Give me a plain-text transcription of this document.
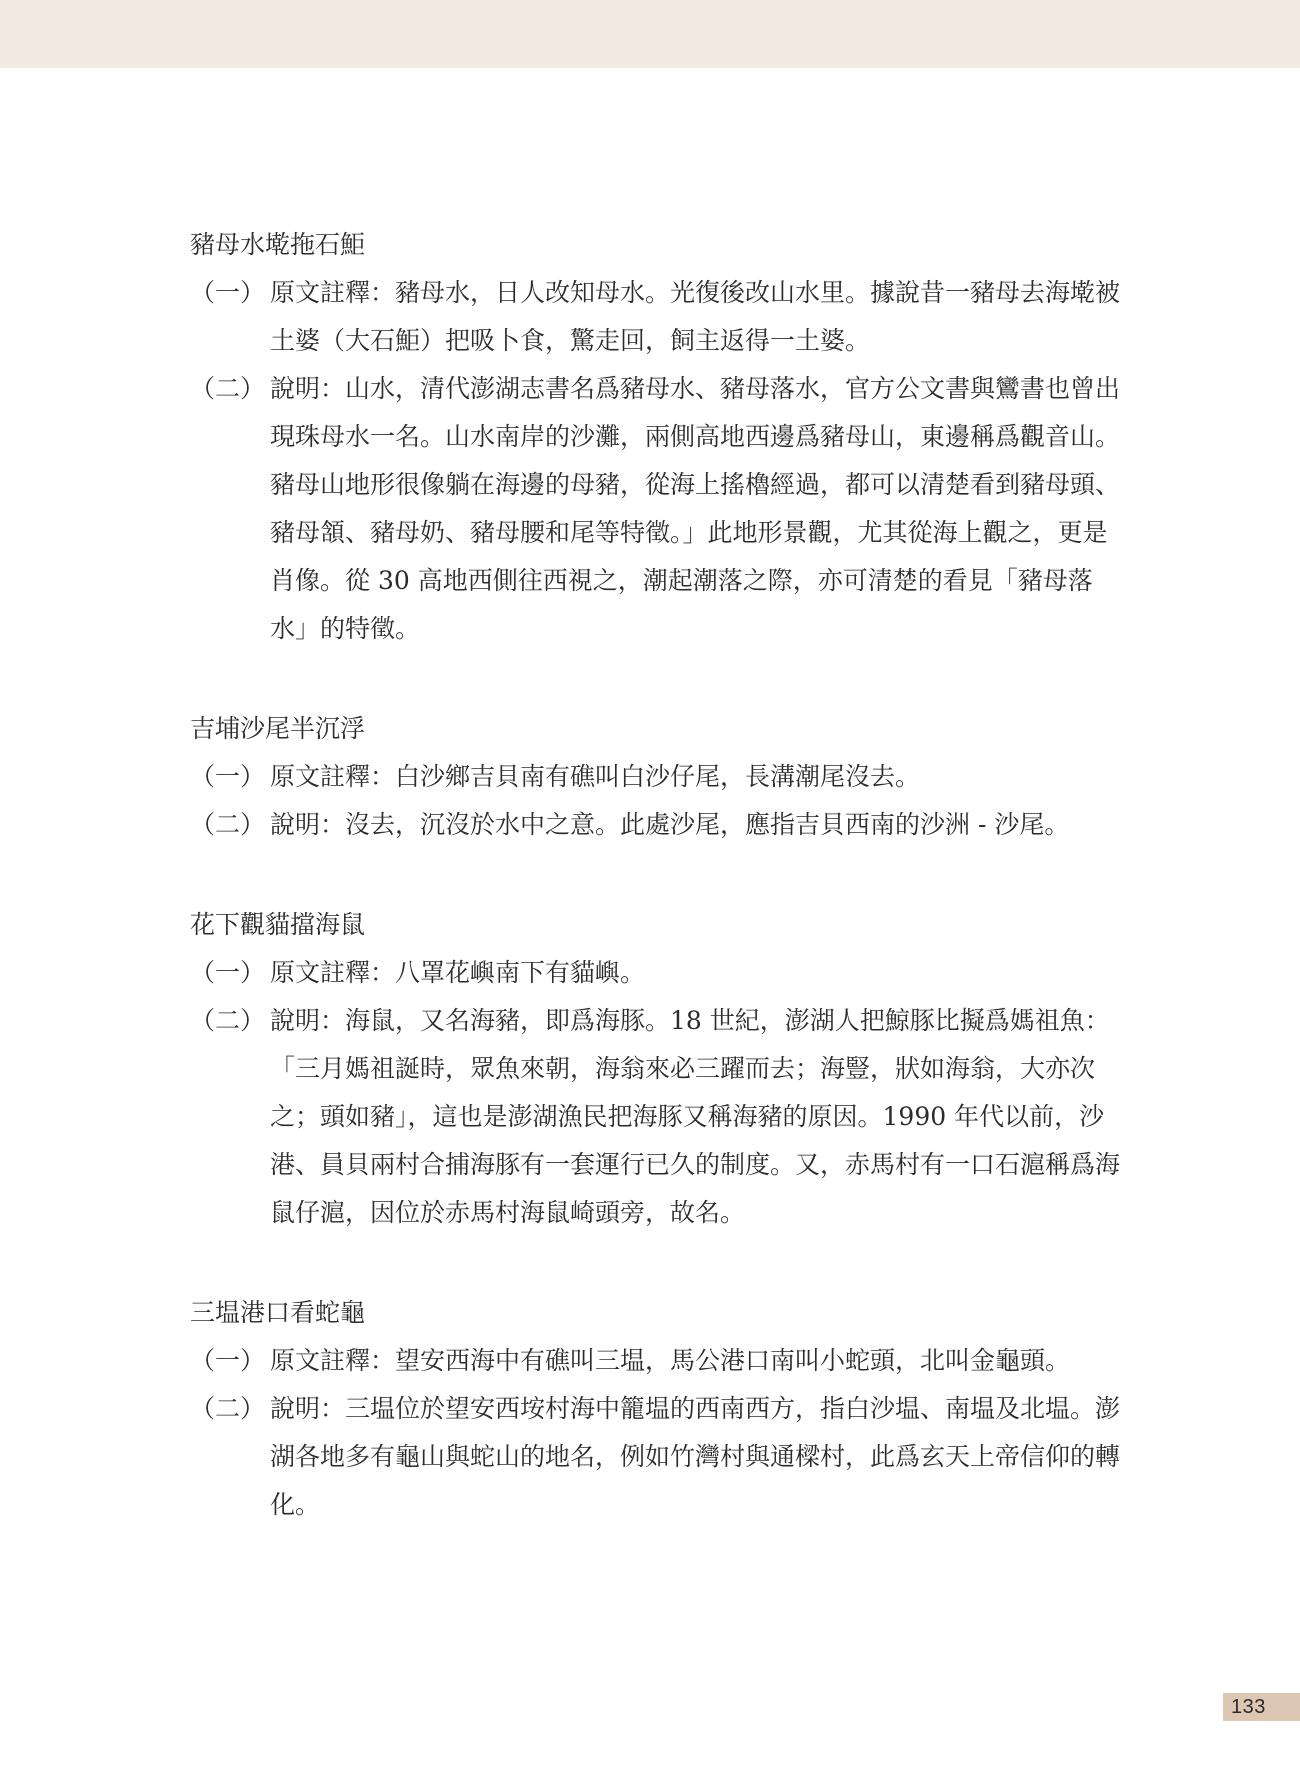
豬母水墘拖石鮔
（一） 原文註釋：豬母水，日人改知母水。光復後改山水里。據說昔一豬母去海墘被土婆（大石鮔）把吸卜食，驚走回，飼主返得一土婆。
（二） 說明：山水，清代澎湖志書名爲豬母水、豬母落水，官方公文書與鸞書也曾出現珠母水一名。山水南岸的沙灘，兩側高地西邊爲豬母山，東邊稱爲觀音山。豬母山地形很像躺在海邊的母豬，從海上搖櫓經過，都可以清楚看到豬母頭、豬母頷、豬母奶、豬母腰和尾等特徵。」此地形景觀，尤其從海上觀之，更是肖像。從 30 高地西側往西視之，潮起潮落之際，亦可清楚的看見「豬母落水」的特徵。
吉埔沙尾半沉浮
（一） 原文註釋：白沙鄉吉貝南有礁叫白沙仔尾，長溝潮尾沒去。
（二） 說明：沒去，沉沒於水中之意。此處沙尾，應指吉貝西南的沙洲 - 沙尾。
花下觀貓擋海鼠
（一） 原文註釋：八罩花嶼南下有貓嶼。
（二） 說明：海鼠，又名海豬，即爲海豚。18 世紀，澎湖人把鯨豚比擬爲媽祖魚：「三月媽祖誕時，眾魚來朝，海翁來必三躍而去；海豎，狀如海翁，大亦次之；頭如豬」，這也是澎湖漁民把海豚又稱海豬的原因。1990 年代以前，沙港、員貝兩村合捕海豚有一套運行已久的制度。又，赤馬村有一口石滬稱爲海鼠仔滬，因位於赤馬村海鼠崎頭旁，故名。
三塭港口看蛇龜
（一） 原文註釋：望安西海中有礁叫三塭，馬公港口南叫小蛇頭，北叫金龜頭。
（二） 說明：三塭位於望安西垵村海中籠塭的西南西方，指白沙塭、南塭及北塭。澎湖各地多有龜山與蛇山的地名，例如竹灣村與通樑村，此爲玄天上帝信仰的轉化。
133
